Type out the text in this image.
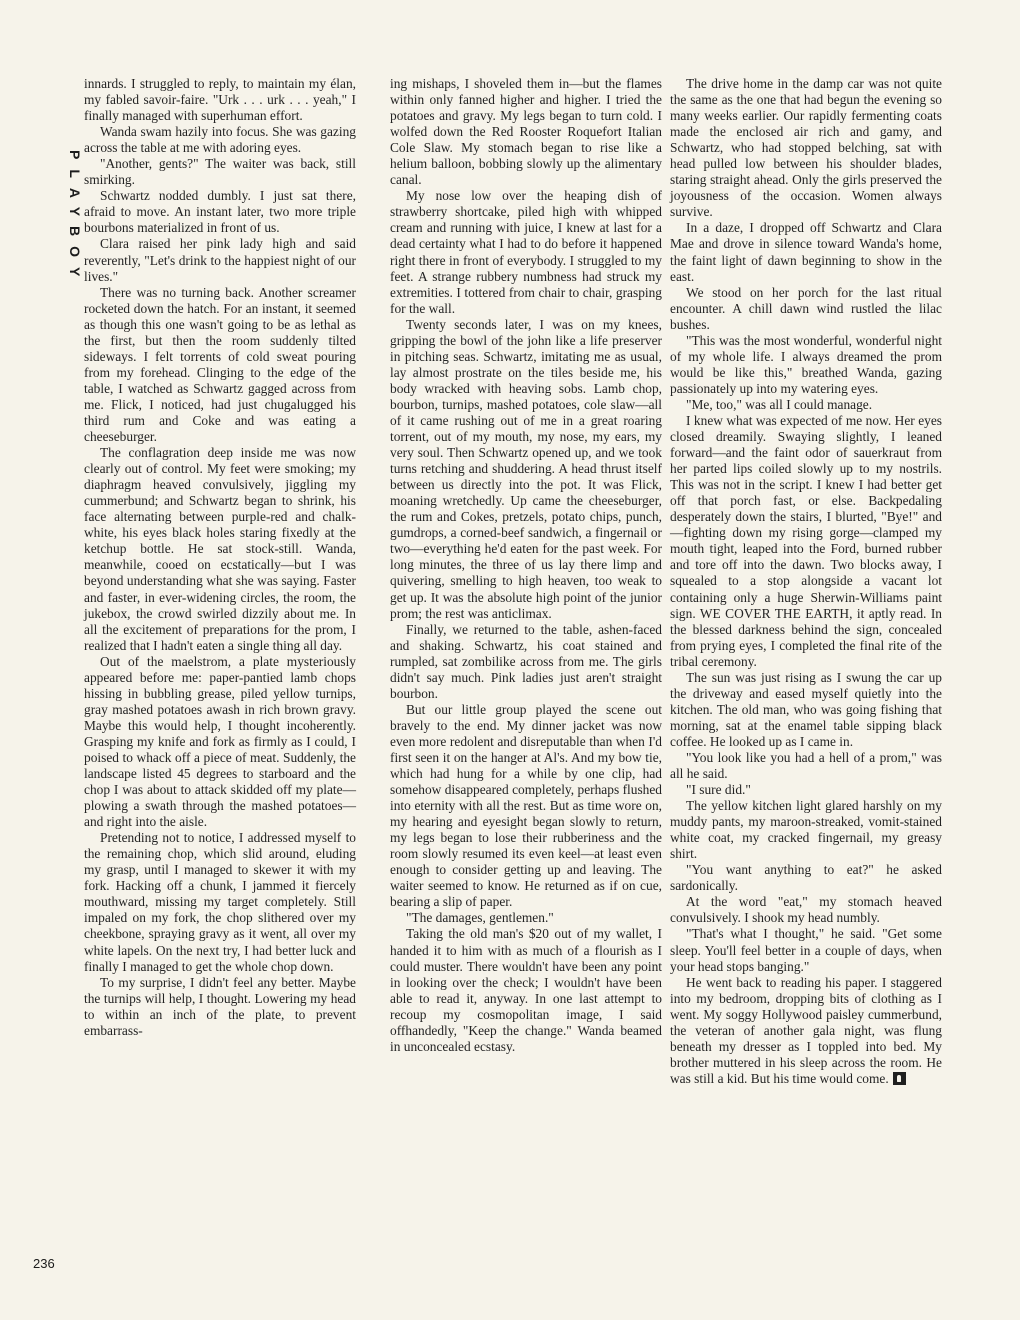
PLAYBOY

innards. I struggled to reply, to maintain my élan, my fabled savoir-faire. "Urk . . . urk . . . yeah," I finally managed with superhuman effort.

Wanda swam hazily into focus. She was gazing across the table at me with adoring eyes.

"Another, gents?" The waiter was back, still smirking.

Schwartz nodded dumbly. I just sat there, afraid to move. An instant later, two more triple bourbons materialized in front of us.

Clara raised her pink lady high and said reverently, "Let's drink to the happiest night of our lives."

There was no turning back. Another screamer rocketed down the hatch. For an instant, it seemed as though this one wasn't going to be as lethal as the first, but then the room suddenly tilted sideways. I felt torrents of cold sweat pouring from my forehead. Clinging to the edge of the table, I watched as Schwartz gagged across from me. Flick, I noticed, had just chugalugged his third rum and Coke and was eating a cheeseburger.

The conflagration deep inside me was now clearly out of control. My feet were smoking; my diaphragm heaved convulsively, jiggling my cummerbund; and Schwartz began to shrink, his face alternating between purple-red and chalk-white, his eyes black holes staring fixedly at the ketchup bottle. He sat stock-still. Wanda, meanwhile, cooed on ecstatically—but I was beyond understanding what she was saying. Faster and faster, in ever-widening circles, the room, the jukebox, the crowd swirled dizzily about me. In all the excitement of preparations for the prom, I realized that I hadn't eaten a single thing all day.

Out of the maelstrom, a plate mysteriously appeared before me: paper-pantied lamb chops hissing in bubbling grease, piled yellow turnips, gray mashed potatoes awash in rich brown gravy. Maybe this would help, I thought incoherently. Grasping my knife and fork as firmly as I could, I poised to whack off a piece of meat. Suddenly, the landscape listed 45 degrees to starboard and the chop I was about to attack skidded off my plate—plowing a swath through the mashed potatoes—and right into the aisle.

Pretending not to notice, I addressed myself to the remaining chop, which slid around, eluding my grasp, until I managed to skewer it with my fork. Hacking off a chunk, I jammed it fiercely mouthward, missing my target completely. Still impaled on my fork, the chop slithered over my cheekbone, spraying gravy as it went, all over my white lapels. On the next try, I had better luck and finally I managed to get the whole chop down.

To my surprise, I didn't feel any better. Maybe the turnips will help, I thought. Lowering my head to within an inch of the plate, to prevent embarrass-

ing mishaps, I shoveled them in—but the flames within only fanned higher and higher. I tried the potatoes and gravy. My legs began to turn cold. I wolfed down the Red Rooster Roquefort Italian Cole Slaw. My stomach began to rise like a helium balloon, bobbing slowly up the alimentary canal.

My nose low over the heaping dish of strawberry shortcake, piled high with whipped cream and running with juice, I knew at last for a dead certainty what I had to do before it happened right there in front of everybody. I struggled to my feet. A strange rubbery numbness had struck my extremities. I tottered from chair to chair, grasping for the wall.

Twenty seconds later, I was on my knees, gripping the bowl of the john like a life preserver in pitching seas. Schwartz, imitating me as usual, lay almost prostrate on the tiles beside me, his body wracked with heaving sobs. Lamb chop, bourbon, turnips, mashed potatoes, cole slaw—all of it came rushing out of me in a great roaring torrent, out of my mouth, my nose, my ears, my very soul. Then Schwartz opened up, and we took turns retching and shuddering. A head thrust itself between us directly into the pot. It was Flick, moaning wretchedly. Up came the cheeseburger, the rum and Cokes, pretzels, potato chips, punch, gumdrops, a corned-beef sandwich, a fingernail or two—everything he'd eaten for the past week. For long minutes, the three of us lay there limp and quivering, smelling to high heaven, too weak to get up. It was the absolute high point of the junior prom; the rest was anticlimax.

Finally, we returned to the table, ashen-faced and shaking. Schwartz, his coat stained and rumpled, sat zombilike across from me. The girls didn't say much. Pink ladies just aren't straight bourbon.

But our little group played the scene out bravely to the end. My dinner jacket was now even more redolent and disreputable than when I'd first seen it on the hanger at Al's. And my bow tie, which had hung for a while by one clip, had somehow disappeared completely, perhaps flushed into eternity with all the rest. But as time wore on, my hearing and eyesight began slowly to return, my legs began to lose their rubberiness and the room slowly resumed its even keel—at least even enough to consider getting up and leaving. The waiter seemed to know. He returned as if on cue, bearing a slip of paper.

"The damages, gentlemen."

Taking the old man's $20 out of my wallet, I handed it to him with as much of a flourish as I could muster. There wouldn't have been any point in looking over the check; I wouldn't have been able to read it, anyway. In one last attempt to recoup my cosmopolitan image, I said offhandedly, "Keep the change." Wanda beamed in unconcealed ecstasy.

The drive home in the damp car was not quite the same as the one that had begun the evening so many weeks earlier. Our rapidly fermenting coats made the enclosed air rich and gamy, and Schwartz, who had stopped belching, sat with head pulled low between his shoulder blades, staring straight ahead. Only the girls preserved the joyousness of the occasion. Women always survive.

In a daze, I dropped off Schwartz and Clara Mae and drove in silence toward Wanda's home, the faint light of dawn beginning to show in the east.

We stood on her porch for the last ritual encounter. A chill dawn wind rustled the lilac bushes.

"This was the most wonderful, wonderful night of my whole life. I always dreamed the prom would be like this," breathed Wanda, gazing passionately up into my watering eyes.

"Me, too," was all I could manage.

I knew what was expected of me now. Her eyes closed dreamily. Swaying slightly, I leaned forward—and the faint odor of sauerkraut from her parted lips coiled slowly up to my nostrils. This was not in the script. I knew I had better get off that porch fast, or else. Backpedaling desperately down the stairs, I blurted, "Bye!" and—fighting down my rising gorge—clamped my mouth tight, leaped into the Ford, burned rubber and tore off into the dawn. Two blocks away, I squealed to a stop alongside a vacant lot containing only a huge Sherwin-Williams paint sign. WE COVER THE EARTH, it aptly read. In the blessed darkness behind the sign, concealed from prying eyes, I completed the final rite of the tribal ceremony.

The sun was just rising as I swung the car up the driveway and eased myself quietly into the kitchen. The old man, who was going fishing that morning, sat at the enamel table sipping black coffee. He looked up as I came in.

"You look like you had a hell of a prom," was all he said.

"I sure did."

The yellow kitchen light glared harshly on my muddy pants, my maroon-streaked, vomit-stained white coat, my cracked fingernail, my greasy shirt.

"You want anything to eat?" he asked sardonically.

At the word "eat," my stomach heaved convulsively. I shook my head numbly.

"That's what I thought," he said. "Get some sleep. You'll feel better in a couple of days, when your head stops banging."

He went back to reading his paper. I staggered into my bedroom, dropping bits of clothing as I went. My soggy Hollywood paisley cummerbund, the veteran of another gala night, was flung beneath my dresser as I toppled into bed. My brother muttered in his sleep across the room. He was still a kid. But his time would come.

236
